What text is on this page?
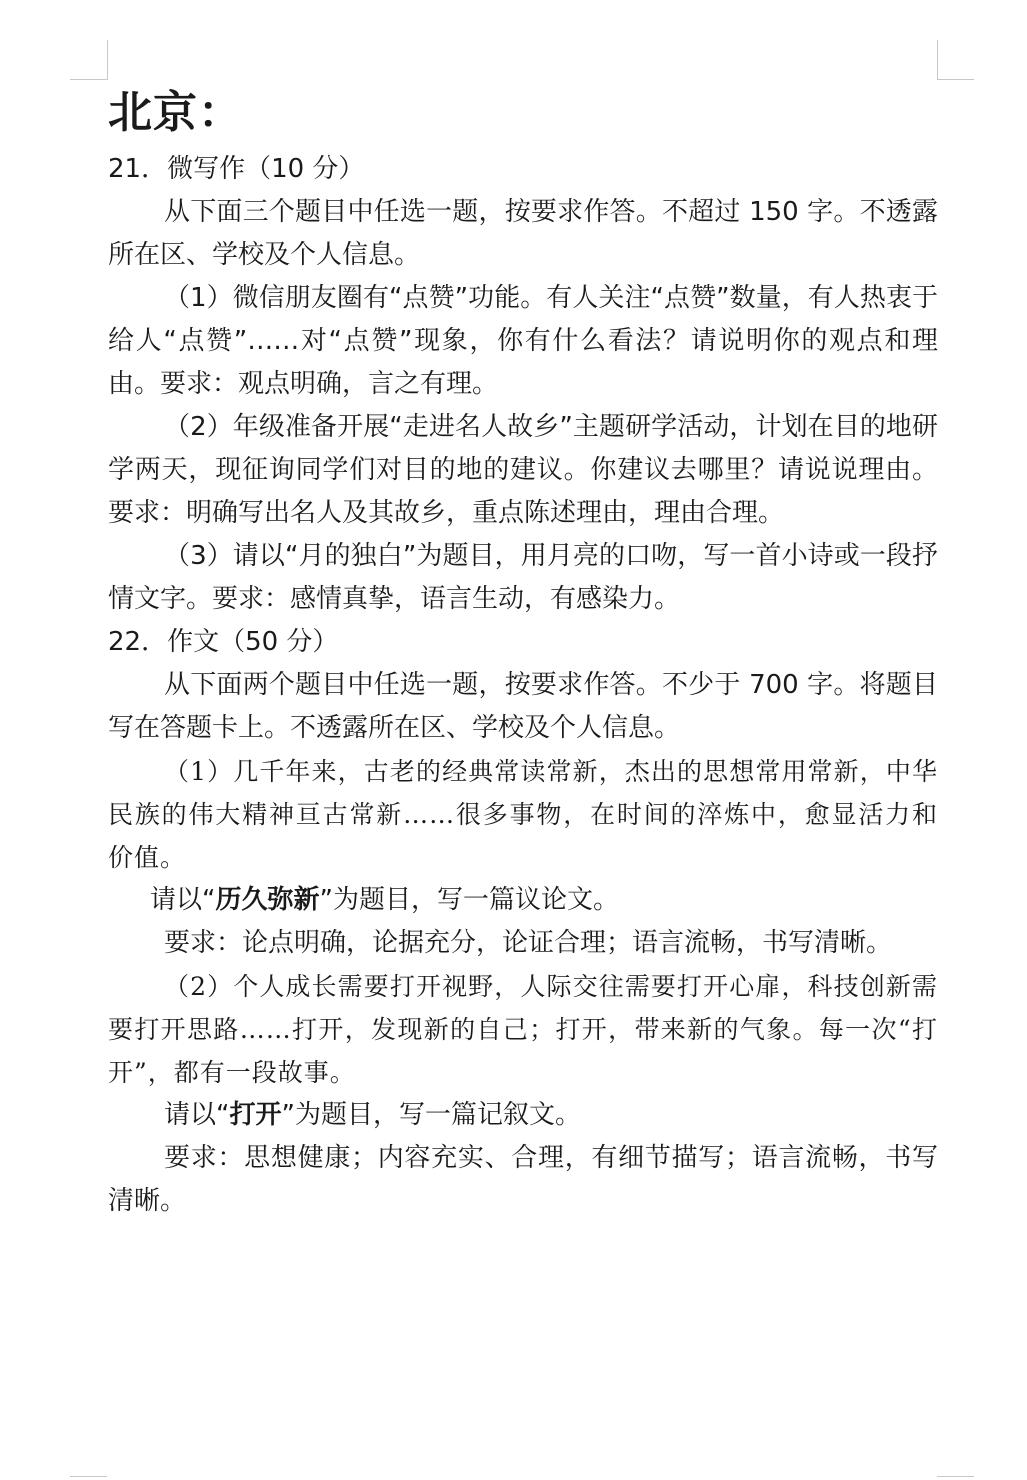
北京：

21．微写作（10 分）

从下面三个题目中任选一题，按要求作答。不超过 150 字。不透露所在区、学校及个人信息。

（1）微信朋友圈有“点赞”功能。有人关注“点赞”数量，有人热衷于给人“点赞”……对“点赞”现象，你有什么看法？请说明你的观点和理由。要求：观点明确，言之有理。

（2）年级准备开展“走进名人故乡”主题研学活动，计划在目的地研学两天，现征询同学们对目的地的建议。你建议去哪里？请说说理由。要求：明确写出名人及其故乡，重点陈述理由，理由合理。

（3）请以“月的独白”为题目，用月亮的口吻，写一首小诗或一段抒情文字。要求：感情真挚，语言生动，有感染力。

22．作文（50 分）

从下面两个题目中任选一题，按要求作答。不少于 700 字。将题目写在答题卡上。不透露所在区、学校及个人信息。

（1）几千年来，古老的经典常读常新，杰出的思想常用常新，中华民族的伟大精神亘古常新……很多事物，在时间的淬炼中，愈显活力和价值。

请以“历久弥新”为题目，写一篇议论文。

要求：论点明确，论据充分，论证合理；语言流畅，书写清晰。

（2）个人成长需要打开视野，人际交往需要打开心扉，科技创新需要打开思路……打开，发现新的自己；打开，带来新的气象。每一次“打开”，都有一段故事。

请以“打开”为题目，写一篇记叙文。

要求：思想健康；内容充实、合理，有细节描写；语言流畅，书写清晰。
